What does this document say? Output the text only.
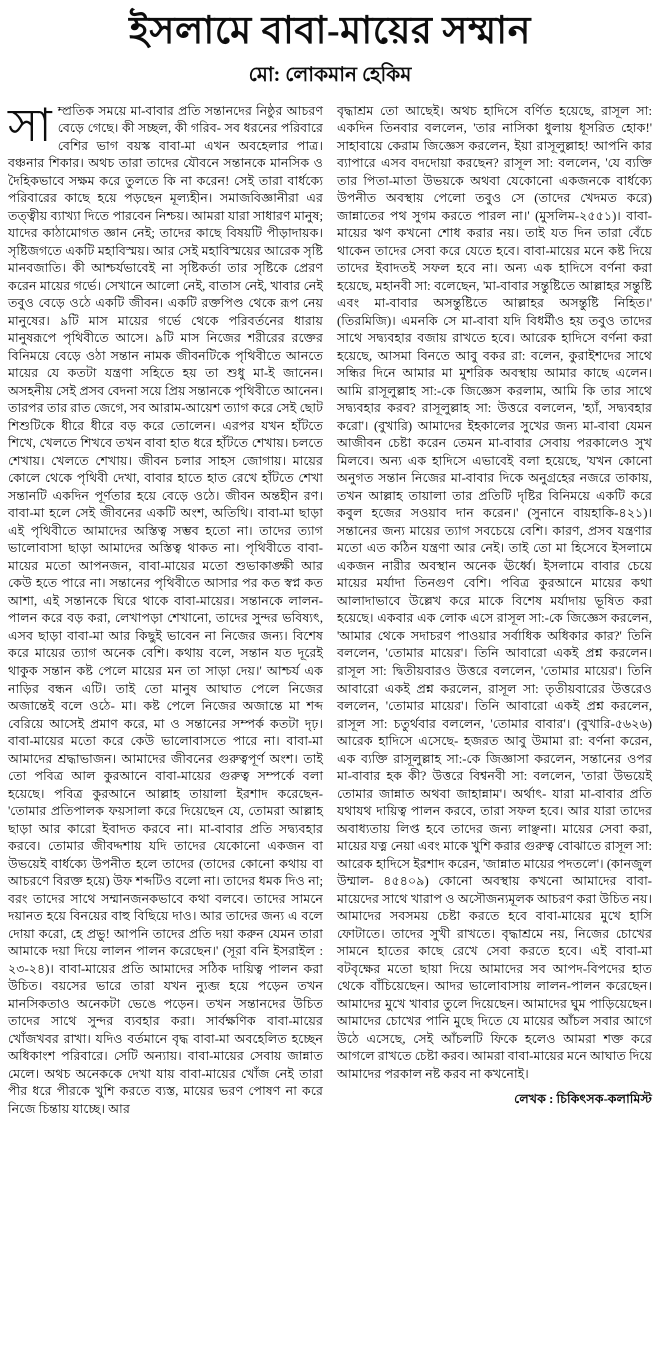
ইসলামে বাবা-মায়ের সম্মান
মো: লোকমান হেকিম
সাম্প্রতিক সময়ে মা-বাবার প্রতি সন্তানদের নিষ্ঠুর আচরণ বেড়ে গেছে। কী সচ্ছল, কী গরিব- সব ধরনের পরিবারে বেশির ভাগ বয়স্ক বাবা-মা এখন অবহেলার পাত্র। বঞ্চনার শিকার। অথচ তারা তাদের যৌবনে সন্তানকে মানসিক ও দৈহিকভাবে সক্ষম করে তুলতে কি না করেন! সেই তারা বার্ধক্যে পরিবারের কাছে হয়ে পড়ছেন মূল্যহীন। সমাজবিজ্ঞানীরা এর তত্ত্বীয় ব্যাখ্যা দিতে পারবেন নিশ্চয়। আমরা যারা সাধারণ মানুষ; যাদের কাঠামোগত জ্ঞান নেই; তাদের কাছে বিষয়টি পীড়াদায়ক। সৃষ্টিজগতে একটি মহাবিস্ময়। আর সেই মহাবিস্ময়ের আরেক সৃষ্টি মানবজাতি। কী আশ্চর্যভাবেই না সৃষ্টিকর্তা তার সৃষ্টিকে প্রেরণ করেন মায়ের গর্ভে। সেখানে আলো নেই, বাতাস নেই, খাবার নেই তবুও বেড়ে ওঠে একটি জীবন। একটি রক্তপিণ্ড থেকে রূপ নেয় মানুষের। ৯টি মাস মায়ের গর্ভে থেকে পরিবর্তনের ধারায় মানুষরূপে পৃথিবীতে আসে। ৯টি মাস নিজের শরীরের রক্তের বিনিময়ে বেড়ে ওঠা সন্তান নামক জীবনটিকে পৃথিবীতে আনতে মায়ের যে কতটা যন্ত্রণা সহিতে হয় তা শুধু মা-ই জানেন। অসহনীয় সেই প্রসব বেদনা সয়ে প্রিয় সন্তানকে পৃথিবীতে আনেন। তারপর তার রাত জেগে, সব আরাম-আয়েশ ত্যাগ করে সেই ছোট শিশুটিকে ধীরে ধীরে বড় করে তোলেন। এরপর যখন হাঁটতে শিখে, খেলতে শিখবে তখন বাবা হাত ধরে হাঁটতে শেখায়। চলতে শেখায়। খেলতে শেখায়। জীবন চলার সাহস জোগায়। মায়ের কোলে থেকে পৃথিবী দেখা, বাবার হাতে হাত রেখে হাঁটতে শেখা সন্তানটি একদিন পূর্ণতার হয়ে বেড়ে ওঠে। জীবন অন্তহীন রণ। বাবা-মা হলে সেই জীবনের একটি অংশ, অতিথি। বাবা-মা ছাড়া এই পৃথিবীতে আমাদের অস্তিত্ব সম্ভব হতো না। তাদের ত্যাগ ভালোবাসা ছাড়া আমাদের অস্তিত্ব থাকত না। পৃথিবীতে বাবা-মায়ের মতো আপনজন, বাবা-মায়ের মতো শুভাকাঙ্ক্ষী আর কেউ হতে পারে না। সন্তানের পৃথিবীতে আসার পর কত স্বপ্ন কত আশা, এই সন্তানকে ঘিরে থাকে বাবা-মায়ের। সন্তানকে লালন-পালন করে বড় করা, লেখাপড়া শেখানো, তাদের সুন্দর ভবিষ্যৎ, এসব ছাড়া বাবা-মা আর কিছুই ভাবেন না নিজের জন্য। বিশেষ করে মায়ের ত্যাগ অনেক বেশি। কথায় বলে, সন্তান যত দূরেই থাকুক সন্তান কষ্ট পেলে মায়ের মন তা সাড়া দেয়।' আশ্চর্য এক নাড়ির বন্ধন এটি। তাই তো মানুষ আঘাত পেলে নিজের অজান্তেই বলে ওঠে- মা। কষ্ট পেলে নিজের অজান্তে মা শব্দ বেরিয়ে আসেই প্রমাণ করে, মা ও সন্তানের সম্পর্ক কতটা দৃঢ়। বাবা-মায়ের মতো করে কেউ ভালোবাসতে পারে না। বাবা-মা আমাদের শ্রদ্ধাভাজন। আমাদের জীবনের গুরুত্বপূর্ণ অংশ। তাই তো পবিত্র আল কুরআনে বাবা-মায়ের গুরুত্ব সম্পর্কে বলা হয়েছে। পবিত্র কুরআনে আল্লাহ তায়ালা ইরশাদ করেছেন- 'তোমার প্রতিপালক ফয়সালা করে দিয়েছেন যে, তোমরা আল্লাহ ছাড়া আর কারো ইবাদত করবে না। মা-বাবার প্রতি সদ্ব্যবহার করবে। তোমার জীবদ্দশায় যদি তাদের যেকোনো একজন বা উভয়েই বার্ধক্যে উপনীত হলে তাদের (তাদের কোনো কথায় বা আচরণে বিরক্ত হয়ে) উফ শব্দটিও বলো না। তাদের ধমক দিও না; বরং তাদের সাথে সম্মানজনকভাবে কথা বলবে। তাদের সামনে দয়ানত হয়ে বিনয়ের বাহু বিছিয়ে দাও। আর তাদের জন্য এ বলে দোয়া করো, হে প্রভু! আপনি তাদের প্রতি দয়া করুন যেমন তারা আমাকে দয়া দিয়ে লালন পালন করেছেন।' (সূরা বনি ইসরাইল : ২৩-২৪)। বাবা-মায়ের প্রতি আমাদের সঠিক দায়িত্ব পালন করা উচিত। বয়সের ভারে তারা যখন ন্যুব্জ হয়ে পড়েন তখন মানসিকতাও অনেকটা ভেঙে পড়েন। তখন সন্তানদের উচিত তাদের সাথে সুন্দর ব্যবহার করা। সার্বক্ষণিক বাবা-মায়ের খোঁজখবর রাখা। যদিও বর্তমানে বৃদ্ধ বাবা-মা অবহেলিত হচ্ছেন অধিকাংশ পরিবারে। সেটি অন্যায়। বাবা-মায়ের সেবায় জান্নাত মেলে। অথচ অনেককে দেখা যায় বাবা-মায়ের খোঁজ নেই তারা পীর ধরে পীরকে খুশি করতে ব্যস্ত, মায়ের ভরণ পোষণ না করে নিজে চিন্তায় যাচ্ছে। আর
বৃদ্ধাশ্রম তো আছেই। অথচ হাদিসে বর্ণিত হয়েছে, রাসূল সা: একদিন তিনবার বললেন, 'তার নাসিকা ধুলায় ধূসরিত হোক!' সাহাবায়ে কেরাম জিজ্ঞেস করলেন, ইয়া রাসূলুল্লাহ! আপনি কার ব্যাপারে এসব বদদোয়া করছেন? রাসূল সা: বললেন, 'যে ব্যক্তি তার পিতা-মাতা উভয়কে অথবা যেকোনো একজনকে বার্ধক্যে উপনীত অবস্থায় পেলো তবুও সে (তাদের খেদমত করে) জান্নাতের পথ সুগম করতে পারল না।' (মুসলিম-২৫৫১)। বাবা-মায়ের ঋণ কখনো শোধ করার নয়। তাই যত দিন তারা বেঁচে থাকেন তাদের সেবা করে যেতে হবে। বাবা-মায়ের মনে কষ্ট দিয়ে তাদের ইবাদতই সফল হবে না। অন্য এক হাদিসে বর্ণনা করা হয়েছে, মহানবী সা: বলেছেন, 'মা-বাবার সন্তুষ্টিতে আল্লাহর সন্তুষ্টি এবং মা-বাবার অসন্তুষ্টিতে আল্লাহর অসন্তুষ্টি নিহিত।' (তিরমিজি)। এমনকি সে মা-বাবা যদি বিধর্মীও হয় তবুও তাদের সাথে সদ্ব্যবহার বজায় রাখতে হবে। আরেক হাদিসে বর্ণনা করা হয়েছে, আসমা বিনতে আবু বকর রা: বলেন, কুরাইশদের সাথে সন্ধির দিনে আমার মা মুশরিক অবস্থায় আমার কাছে এলেন। আমি রাসূলুল্লাহ সা:-কে জিজ্ঞেস করলাম, আমি কি তার সাথে সদ্ব্যবহার করব? রাসূলুল্লাহ সা: উত্তরে বললেন, 'হ্যাঁ, সদ্ব্যবহার করো'। (বুখারি) আমাদের ইহকালের সুখের জন্য মা-বাবা যেমন আজীবন চেষ্টা করেন তেমন মা-বাবার সেবায় পরকালেও সুখ মিলবে। অন্য এক হাদিসে এভাবেই বলা হয়েছে, 'যখন কোনো অনুগত সন্তান নিজের মা-বাবার দিকে অনুগ্রহের নজরে তাকায়, তখন আল্লাহ তায়ালা তার প্রতিটি দৃষ্টির বিনিময়ে একটি করে কবুল হজের সওয়াব দান করেন।' (সুনানে বায়হাকি-৪২১)। সন্তানের জন্য মায়ের ত্যাগ সবচেয়ে বেশি। কারণ, প্রসব যন্ত্রণার মতো এত কঠিন যন্ত্রণা আর নেই। তাই তো মা হিসেবে ইসলামে একজন নারীর অবস্থান অনেক ঊর্ধ্বে। ইসলামে বাবার চেয়ে মায়ের মর্যাদা তিনগুণ বেশি। পবিত্র কুরআনে মায়ের কথা আলাদাভাবে উল্লেখ করে মাকে বিশেষ মর্যাদায় ভূষিত করা হয়েছে। একবার এক লোক এসে রাসূল সা:-কে জিজ্ঞেস করলেন, 'আমার থেকে সদাচরণ পাওয়ার সর্বাধিক অধিকার কার?' তিনি বললেন, 'তোমার মায়ের'। তিনি আবারো একই প্রশ্ন করলেন। রাসূল সা: দ্বিতীয়বারও উত্তরে বললেন, 'তোমার মায়ের'। তিনি আবারো একই প্রশ্ন করলেন, রাসূল সা: তৃতীয়বারের উত্তরেও বললেন, 'তোমার মায়ের'। তিনি আবারো একই প্রশ্ন করলেন, রাসূল সা: চতুর্থবার বললেন, 'তোমার বাবার'। (বুখারি-৫৬২৬) আরেক হাদিসে এসেছে- হজরত আবু উমামা রা: বর্ণনা করেন, এক ব্যক্তি রাসূলুল্লাহ সা:-কে জিজ্ঞাসা করলেন, সন্তানের ওপর মা-বাবার হক কী? উত্তরে বিশ্বনবী সা: বললেন, 'তারা উভয়েই তোমার জান্নাত অথবা জাহান্নাম'। অর্থাৎ- যারা মা-বাবার প্রতি যথাযথ দায়িত্ব পালন করবে, তারা সফল হবে। আর যারা তাদের অবাধ্যতায় লিপ্ত হবে তাদের জন্য লাঞ্ছনা। মায়ের সেবা করা, মায়ের যত্ন নেয়া এবং মাকে খুশি করার গুরুত্ব বোঝাতে রাসূল সা: আরেক হাদিসে ইরশাদ করেন, 'জান্নাত মায়ের পদতলে'। (কানজুল উম্মাল- ৪৫৪০৯) কোনো অবস্থায় কখনো আমাদের বাবা-মায়েদের সাথে খারাপ ও অসৌজন্যমূলক আচরণ করা উচিত নয়। আমাদের সবসময় চেষ্টা করতে হবে বাবা-মায়ের মুখে হাসি ফোটাতে। তাদের সুখী রাখতে। বৃদ্ধাশ্রমে নয়, নিজের চোখের সামনে হাতের কাছে রেখে সেবা করতে হবে। এই বাবা-মা বটবৃক্ষের মতো ছায়া দিয়ে আমাদের সব আপদ-বিপদের হাত থেকে বাঁচিয়েছেন। আদর ভালোবাসায় লালন-পালন করেছেন। আমাদের মুখে খাবার তুলে দিয়েছেন। আমাদের ঘুম পাড়িয়েছেন। আমাদের চোখের পানি মুছে দিতে যে মায়ের আঁচল সবার আগে উঠে এসেছে, সেই আঁচলটি ফিকে হলেও আমরা শক্ত করে আগলে রাখতে চেষ্টা করব। আমরা বাবা-মায়ের মনে আঘাত দিয়ে আমাদের পরকাল নষ্ট করব না কখনোই।
লেখক : চিকিৎসক-কলামিস্ট
